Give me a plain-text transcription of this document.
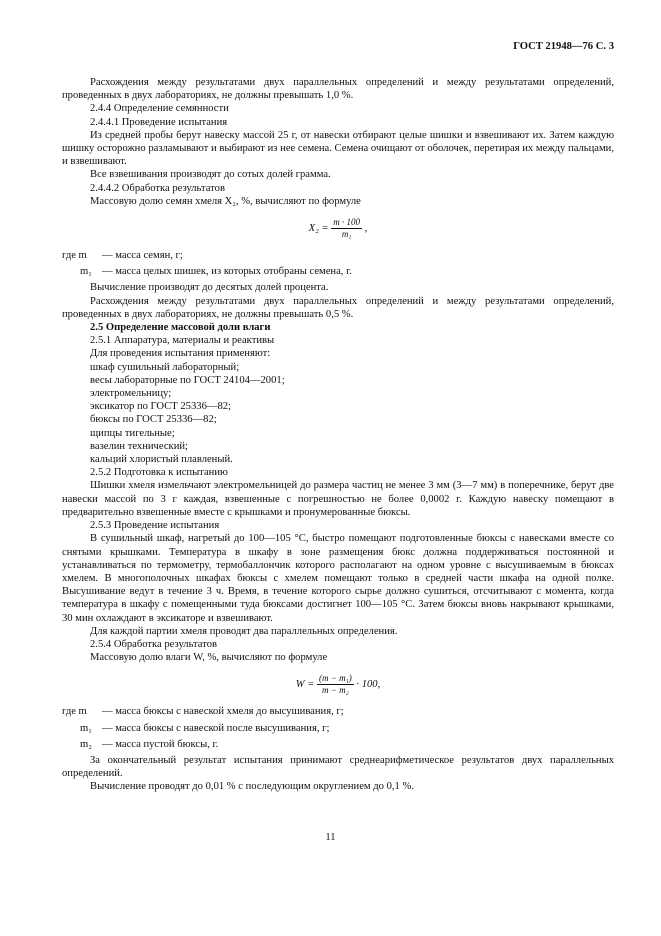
ГОСТ 21948—76 С. 3
Расхождения между результатами двух параллельных определений и между результатами определений, проведенных в двух лабораториях, не должны превышать 1,0 %.
2.4.4 Определение семянности
2.4.4.1 Проведение испытания
Из средней пробы берут навеску массой 25 г, от навески отбирают целые шишки и взвешивают их. Затем каждую шишку осторожно разламывают и выбирают из нее семена. Семена очищают от оболочек, перетирая их между пальцами, и взвешивают.
Все взвешивания производят до сотых долей грамма.
2.4.4.2 Обработка результатов
Массовую долю семян хмеля X₂, %, вычисляют по формуле
$X_2 = \frac{m \cdot 100}{\text{m₁}}$ ,
где m	— масса семян, г;
m₁ — масса целых шишек, из которых отобраны семена, г.
Вычисление производят до десятых долей процента.
Расхождения между результатами двух параллельных определений и между результатами определений, проведенных в двух лабораториях, не должны превышать 0,5 %.
2.5 Определение массовой доли влаги
2.5.1 Аппаратура, материалы и реактивы
Для проведения испытания применяют:
шкаф сушильный лабораторный;
весы лабораторные по ГОСТ 24104—2001;
электромельницу;
эксикатор по ГОСТ 25336—82;
бюксы по ГОСТ 25336—82;
щипцы тигельные;
вазелин технический;
кальций хлористый плавленый.
2.5.2 Подготовка к испытанию
Шишки хмеля измельчают электромельницей до размера частиц не менее 3 мм (3—7 мм) в поперечнике, берут две навески массой по 3 г каждая, взвешенные с погрешностью не более 0,0002 г. Каждую навеску помещают в предварительно взвешенные вместе с крышками и пронумерованные бюксы.
2.5.3 Проведение испытания
В сушильный шкаф, нагретый до 100—105 °С, быстро помещают подготовленные бюксы с навесками вместе со снятыми крышками. Температура в шкафу в зоне размещения бюкс должна поддерживаться постоянной и устанавливаться по термометру, термобаллончик которого располагают на одном уровне с высушиваемым в бюксах хмелем. В многополочных шкафах бюксы с хмелем помещают только в средней части шкафа на одной полке. Высушивание ведут в течение 3 ч. Время, в течение которого сырье должно сушиться, отсчитывают с момента, когда температура в шкафу с помещенными туда бюксами достигнет 100—105 °С. Затем бюксы вновь накрывают крышками, 30 мин охлаждают в эксикаторе и взвешивают.
Для каждой партии хмеля проводят два параллельных определения.
2.5.4 Обработка результатов
Массовую долю влаги W, %, вычисляют по формуле
$W = \frac{\text{(m − m₁)}}{\text{m − m₂}} \cdot 100$,
где m	— масса бюксы с навеской хмеля до высушивания, г;
m₁ — масса бюксы с навеской после высушивания, г;
m₂ — масса пустой бюксы, г.
За окончательный результат испытания принимают среднеарифметическое результатов двух параллельных определений.
Вычисление проводят до 0,01 % с последующим округлением до 0,1 %.
11
